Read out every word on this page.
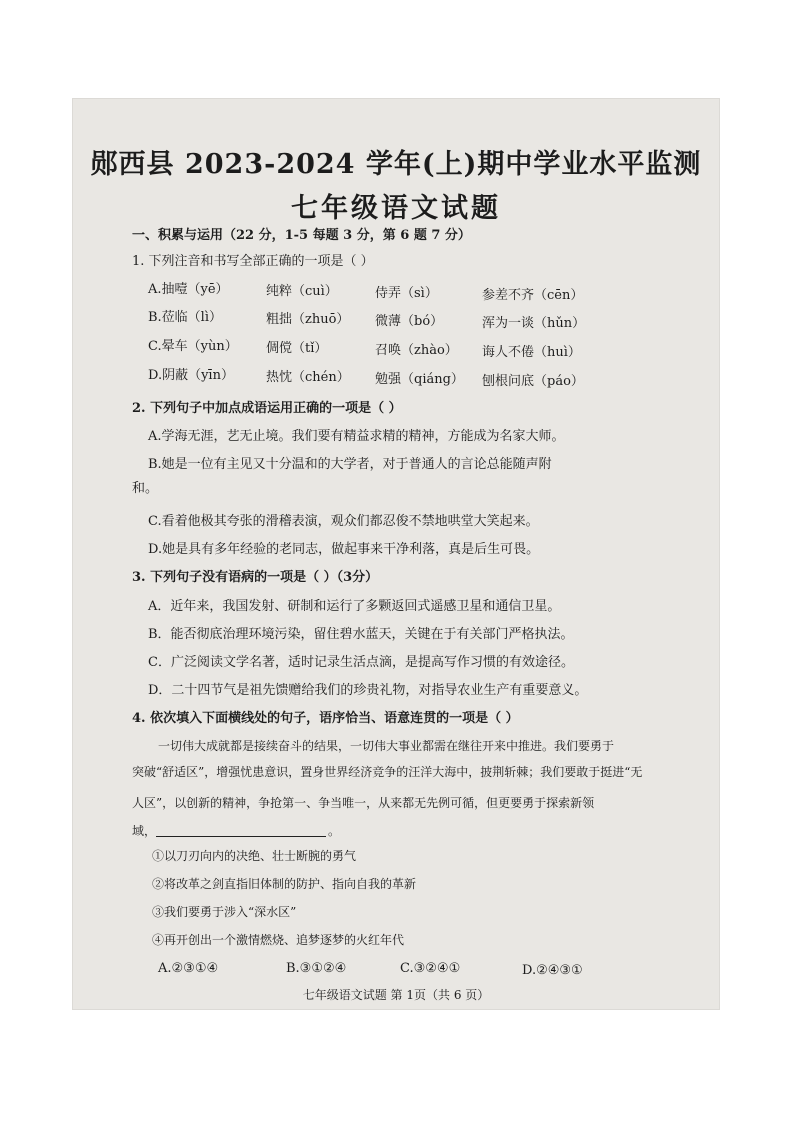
郧西县 2023-2024 学年(上)期中学业水平监测
七年级语文试题
一、积累与运用（22 分，1-5 每题 3 分，第 6 题 7 分）
1. 下列注音和书写全部正确的一项是（ ）
A.抽噎（yē）	纯粹（cuì）	侍弄（sì）	参差不齐（cēn）
B.莅临（lì）	粗拙（zhuō） 微薄（bó）	浑为一谈（hǔn）
C.晕车（yùn） 倜傥（tǐ）	召唤（zhào） 诲人不倦（huì）
D.阴蔽（yīn） 热忱（chén） 勉强（qiáng） 刨根问底（páo）
2. 下列句子中加点成语运用正确的一项是（ ）
A.学海无涯，艺无止境。我们要有精益求精的精神，方能成为名家大师。
B.她是一位有主见又十分温和的大学者，对于普通人的言论总能随声附
和。
C.看着他极其夸张的滑稽表演，观众们都忍俊不禁地哄堂大笑起来。
D.她是具有多年经验的老同志，做起事来干净利落，真是后生可畏。
3. 下列句子没有语病的一项是（ ）（3分）
A．近年来，我国发射、研制和运行了多颗返回式遥感卫星和通信卫星。
B．能否彻底治理环境污染，留住碧水蓝天，关键在于有关部门严格执法。
C．广泛阅读文学名著，适时记录生活点滴，是提高写作习惯的有效途径。
D．二十四节气是祖先馈赠给我们的珍贵礼物，对指导农业生产有重要意义。
4. 依次填入下面横线处的句子，语序恰当、语意连贯的一项是（ ）
一切伟大成就都是接续奋斗的结果，一切伟大事业都需在继往开来中推进。我们要勇于
突破“舒适区”，增强忧患意识，置身世界经济竞争的汪洋大海中，披荆斩棘；我们要敢于挺进“无
人区”，以创新的精神，争抢第一、争当唯一，从来都无先例可循，但更要勇于探索新领
域，	。
①以刀刃向内的决绝、壮士断腕的勇气
②将改革之剑直指旧体制的防护、指向自我的革新
③我们要勇于涉入“深水区”
④再开创出一个激情燃烧、追梦逐梦的火红年代
A.②③①④	B.③①②④	C.③②④①	D.②④③①
七年级语文试题 第 1页（共 6 页）
